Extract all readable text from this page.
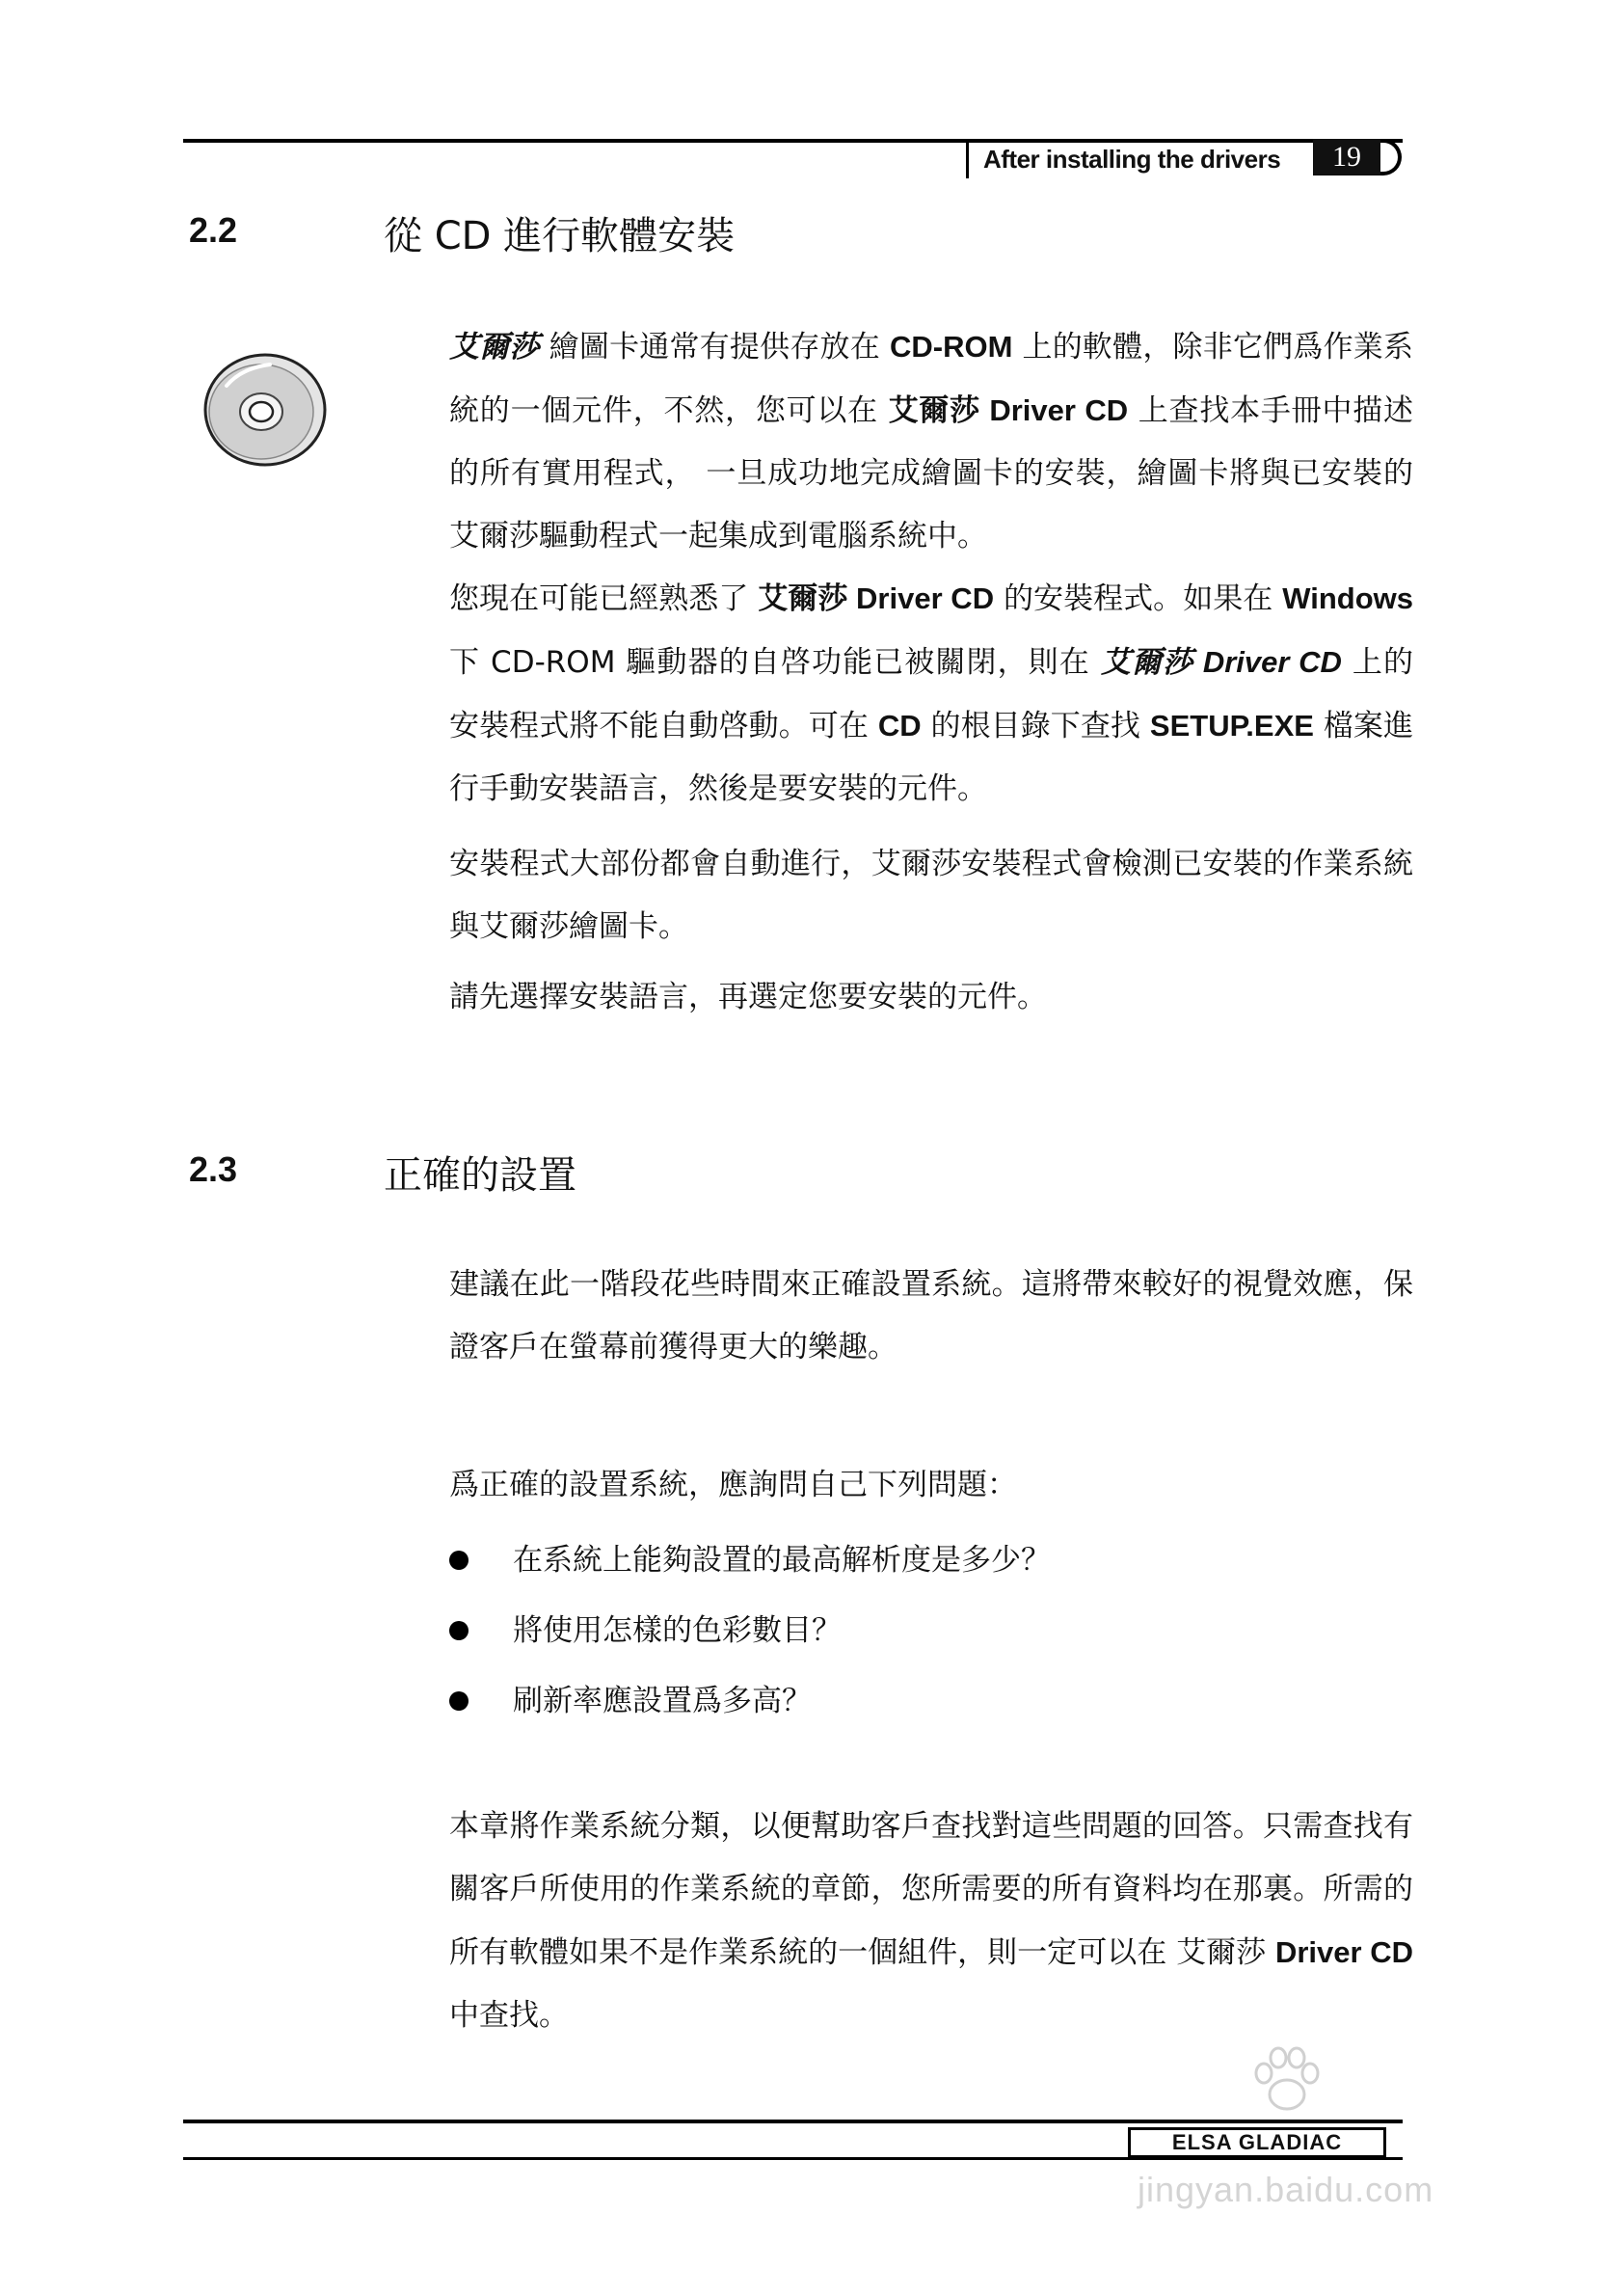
After installing the drivers	19
2.2	從 CD 進行軟體安裝
艾爾莎 繪圖卡通常有提供存放在 CD-ROM 上的軟體，除非它們爲作業系統的一個元件，不然，您可以在 艾爾莎 Driver CD 上查找本手冊中描述的所有實用程式， 一旦成功地完成繪圖卡的安裝，繪圖卡將與已安裝的艾爾莎驅動程式一起集成到電腦系統中。
您現在可能已經熟悉了 艾爾莎 Driver CD 的安裝程式。如果在 Windows 下 CD-ROM 驅動器的自啓功能已被關閉，則在 艾爾莎 Driver CD 上的安裝程式將不能自動啓動。可在 CD 的根目錄下查找 SETUP.EXE 檔案進行手動安裝語言，然後是要安裝的元件。
安裝程式大部份都會自動進行，艾爾莎安裝程式會檢測已安裝的作業系統與艾爾莎繪圖卡。
請先選擇安裝語言，再選定您要安裝的元件。
2.3	正確的設置
建議在此一階段花些時間來正確設置系統。這將帶來較好的視覺效應，保證客戶在螢幕前獲得更大的樂趣。
爲正確的設置系統，應詢問自己下列問題：
在系統上能夠設置的最高解析度是多少？
將使用怎樣的色彩數目？
刷新率應設置爲多高？
本章將作業系統分類，以便幫助客戶查找對這些問題的回答。只需查找有關客戶所使用的作業系統的章節，您所需要的所有資料均在那裏。所需的所有軟體如果不是作業系統的一個組件，則一定可以在 艾爾莎 Driver CD 中查找。
ELSA GLADIAC
jingyan.baidu.com
